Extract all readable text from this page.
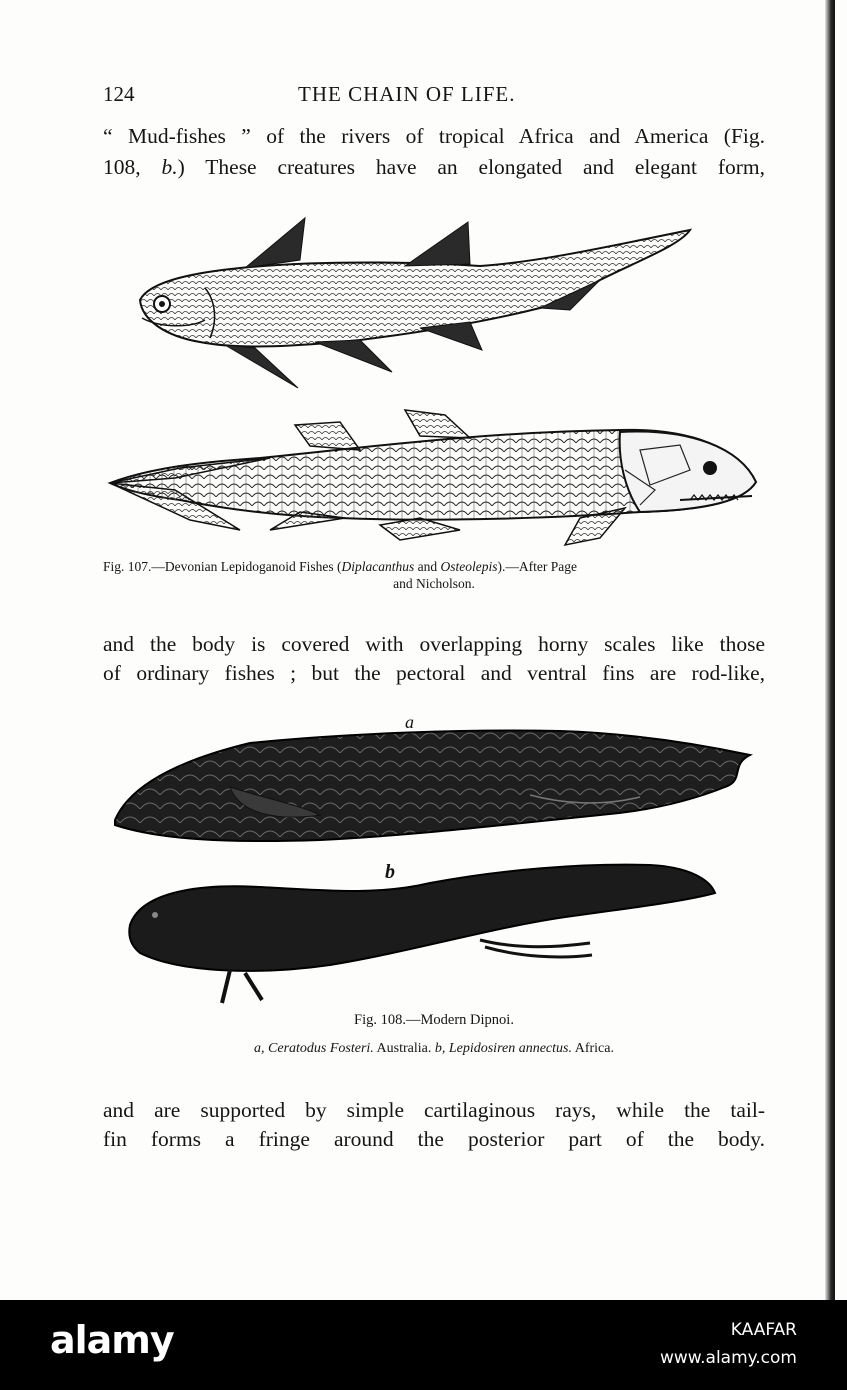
124	THE CHAIN OF LIFE.
“ Mud-fishes ” of the rivers of tropical Africa and America (Fig.
108, b.) These creatures have an elongated and elegant form,
Fig. 107.—Devonian Lepidoganoid Fishes (Diplacanthus and Osteolepis).—After Page
and Nicholson.
and the body is covered with overlapping horny scales like those
of ordinary fishes ; but the pectoral and ventral fins are rod-like,
a
b
Fig. 108.—Modern Dipnoi.
a, Ceratodus Fosteri. Australia. b, Lepidosiren annectus. Africa.
and are supported by simple cartilaginous rays, while the tail-
fin forms a fringe around the posterior part of the body.
alamy	KAAFAR
www.alamy.com
